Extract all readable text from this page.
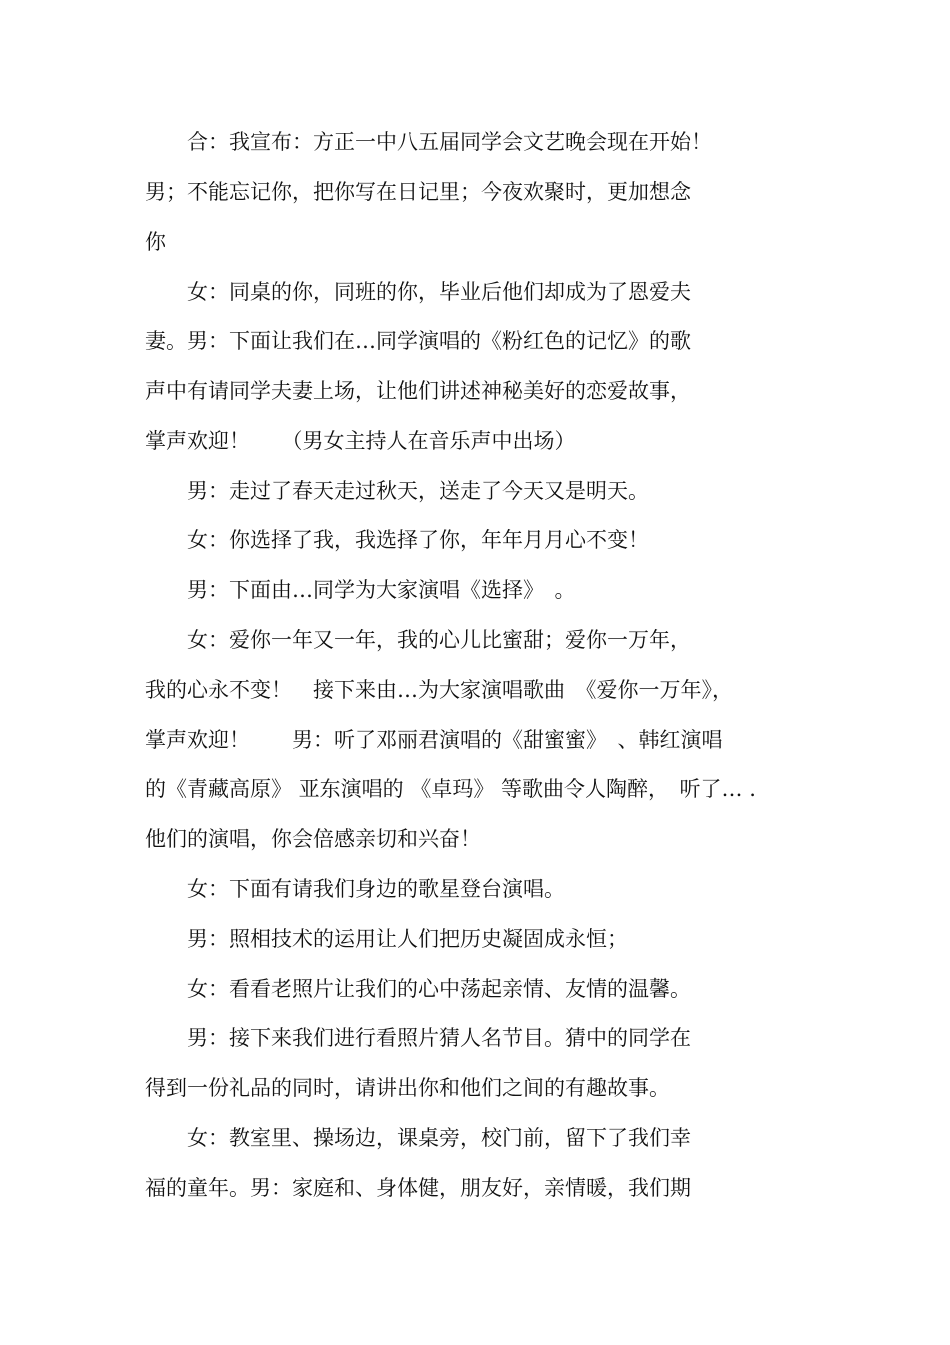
　　合：我宣布：方正一中八五届同学会文艺晚会现在开始！
男；不能忘记你，把你写在日记里；今夜欢聚时，更加想念
你
　　女：同桌的你，同班的你，毕业后他们却成为了恩爱夫
妻。男：下面让我们在…同学演唱的《粉红色的记忆》的歌
声中有请同学夫妻上场，让他们讲述神秘美好的恋爱故事，
掌声欢迎！　　（男女主持人在音乐声中出场）
　　男：走过了春天走过秋天，送走了今天又是明天。
　　女：你选择了我，我选择了你，年年月月心不变！
　　男：下面由…同学为大家演唱《选择》　。
　　女：爱你一年又一年，我的心儿比蜜甜；爱你一万年，
我的心永不变！　接下来由…为大家演唱歌曲　《爱你一万年》，
掌声欢迎！　　男：听了邓丽君演唱的《甜蜜蜜》　、韩红演唱
的《青藏高原》 亚东演唱的 《卓玛》 等歌曲令人陶醉，　听了… .
他们的演唱，你会倍感亲切和兴奋！
　　女：下面有请我们身边的歌星登台演唱。
　　男：照相技术的运用让人们把历史凝固成永恒；
　　女：看看老照片让我们的心中荡起亲情、友情的温馨。
　　男：接下来我们进行看照片猜人名节目。猜中的同学在
得到一份礼品的同时，请讲出你和他们之间的有趣故事。
　　女：教室里、操场边，课桌旁，校门前，留下了我们幸
福的童年。男：家庭和、身体健，朋友好，亲情暖，我们期
